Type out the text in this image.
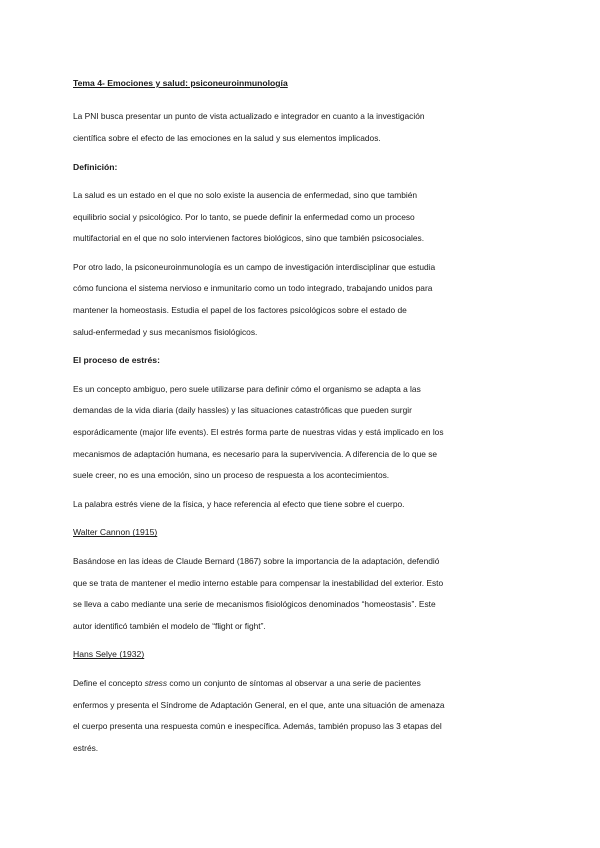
Tema 4- Emociones y salud: psiconeuroinmunología
La PNI busca presentar un punto de vista actualizado e integrador en cuanto a la investigación
científica sobre el efecto de las emociones en la salud y sus elementos implicados.
Definición:
La salud es un estado en el que no solo existe la ausencia de enfermedad, sino que también
equilibrio social y psicológico. Por lo tanto, se puede definir la enfermedad como un proceso
multifactorial en el que no solo intervienen factores biológicos, sino que también psicosociales.
Por otro lado, la psiconeuroinmunología es un campo de investigación interdisciplinar que estudia
cómo funciona el sistema nervioso e inmunitario como un todo integrado, trabajando unidos para
mantener la homeostasis. Estudia el papel de los factores psicológicos sobre el estado de
salud-enfermedad y sus mecanismos fisiológicos.
El proceso de estrés:
Es un concepto ambiguo, pero suele utilizarse para definir cómo el organismo se adapta a las
demandas de la vida diaria (daily hassles) y las situaciones catastróficas que pueden surgir
esporádicamente (major life events). El estrés forma parte de nuestras vidas y está implicado en los
mecanismos de adaptación humana, es necesario para la supervivencia. A diferencia de lo que se
suele creer, no es una emoción, sino un proceso de respuesta a los acontecimientos.
La palabra estrés viene de la física, y hace referencia al efecto que tiene sobre el cuerpo.
Walter Cannon (1915)
Basándose en las ideas de Claude Bernard (1867) sobre la importancia de la adaptación, defendió
que se trata de mantener el medio interno estable para compensar la inestabilidad del exterior. Esto
se lleva a cabo mediante una serie de mecanismos fisiológicos denominados “homeostasis”. Este
autor identificó también el modelo de “flight or fight”.
Hans Selye (1932)
Define el concepto stress como un conjunto de síntomas al observar a una serie de pacientes
enfermos y presenta el Síndrome de Adaptación General, en el que, ante una situación de amenaza
el cuerpo presenta una respuesta común e inespecífica. Además, también propuso las 3 etapas del
estrés.
